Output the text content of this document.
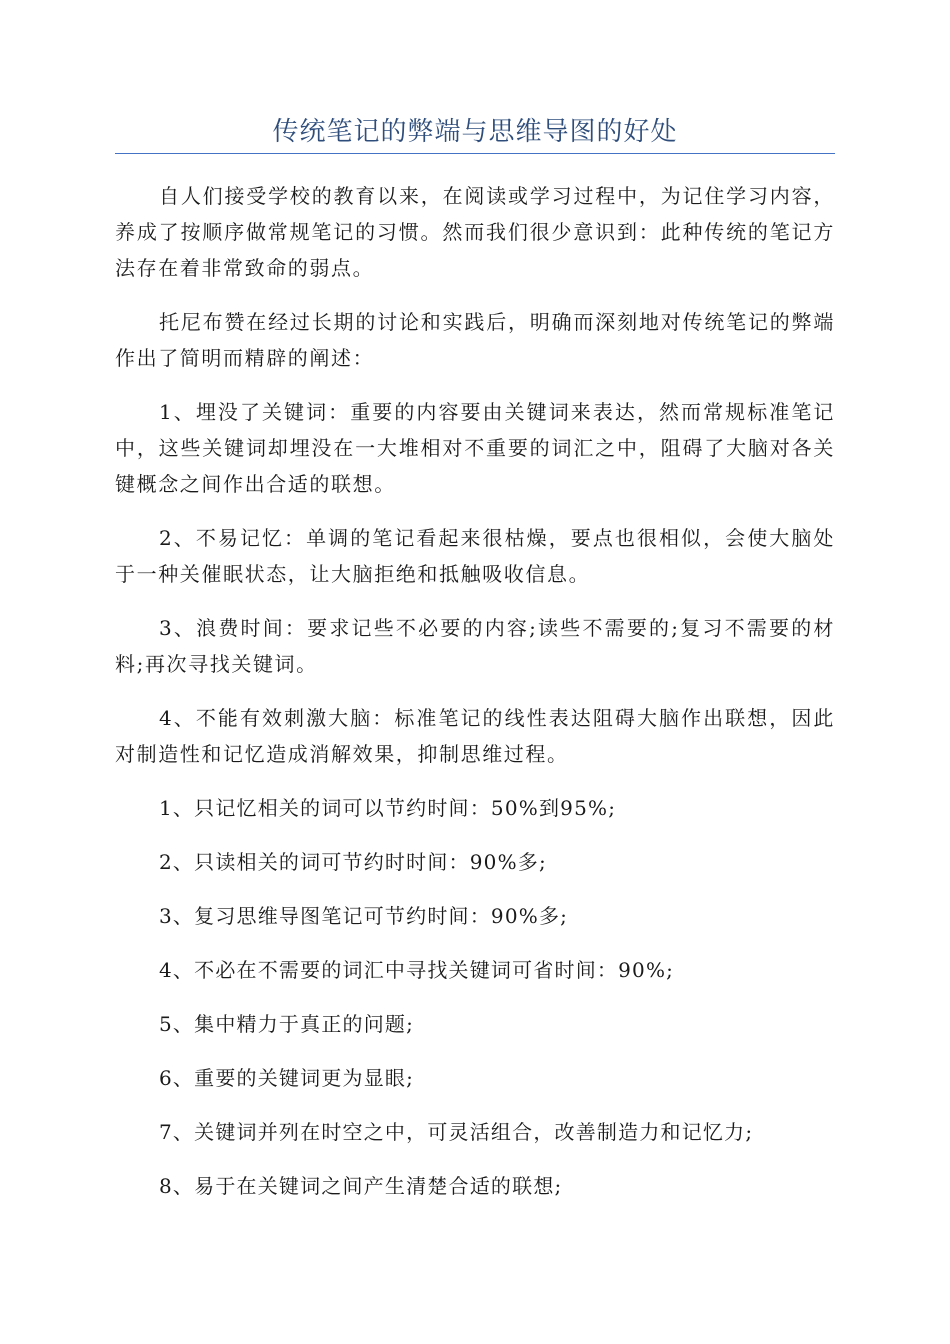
传统笔记的弊端与思维导图的好处

自人们接受学校的教育以来，在阅读或学习过程中，为记住学习内容，养成了按顺序做常规笔记的习惯。然而我们很少意识到：此种传统的笔记方法存在着非常致命的弱点。

托尼布赞在经过长期的讨论和实践后，明确而深刻地对传统笔记的弊端作出了简明而精辟的阐述：

1、埋没了关键词：重要的内容要由关键词来表达，然而常规标准笔记中，这些关键词却埋没在一大堆相对不重要的词汇之中，阻碍了大脑对各关键概念之间作出合适的联想。

2、不易记忆：单调的笔记看起来很枯燥，要点也很相似，会使大脑处于一种关催眠状态，让大脑拒绝和抵触吸收信息。

3、浪费时间：要求记些不必要的内容;读些不需要的;复习不需要的材料;再次寻找关键词。

4、不能有效刺激大脑：标准笔记的线性表达阻碍大脑作出联想，因此对制造性和记忆造成消解效果，抑制思维过程。

1、只记忆相关的词可以节约时间：50%到95%;

2、只读相关的词可节约时时间：90%多;

3、复习思维导图笔记可节约时间：90%多;

4、不必在不需要的词汇中寻找关键词可省时间：90%;

5、集中精力于真正的问题;

6、重要的关键词更为显眼;

7、关键词并列在时空之中，可灵活组合，改善制造力和记忆力;

8、易于在关键词之间产生清楚合适的联想;
